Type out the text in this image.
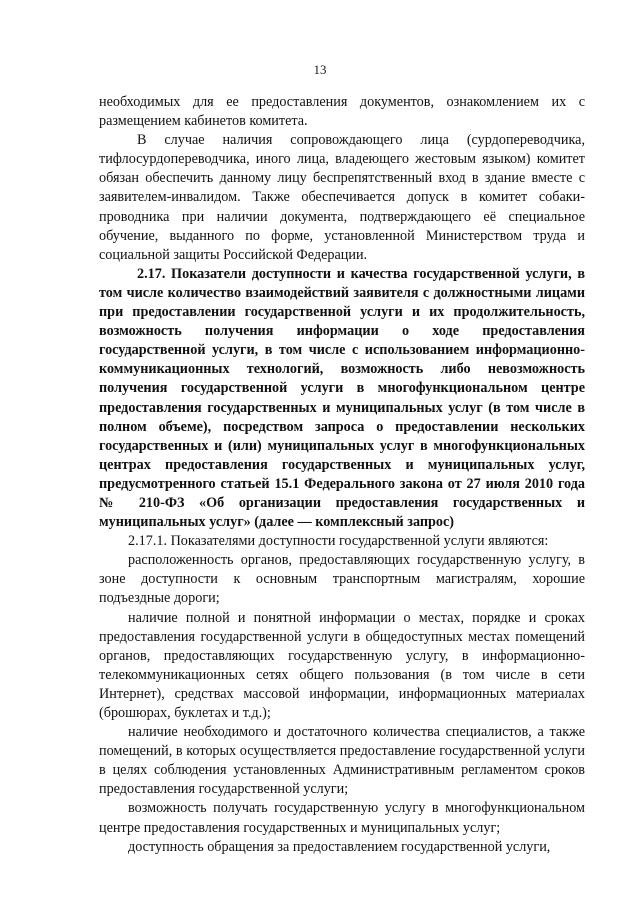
13

необходимых для ее предоставления документов, ознакомлением их с размещением кабинетов комитета.

В случае наличия сопровождающего лица (сурдопереводчика, тифлосурдопереводчика, иного лица, владеющего жестовым языком) комитет обязан обеспечить данному лицу беспрепятственный вход в здание вместе с заявителем-инвалидом. Также обеспечивается допуск в комитет собаки-проводника при наличии документа, подтверждающего её специальное обучение, выданного по форме, установленной Министерством труда и социальной защиты Российской Федерации.

2.17. Показатели доступности и качества государственной услуги, в том числе количество взаимодействий заявителя с должностными лицами при предоставлении государственной услуги и их продолжительность, возможность получения информации о ходе предоставления государственной услуги, в том числе с использованием информационно-коммуникационных технологий, возможность либо невозможность получения государственной услуги в многофункциональном центре предоставления государственных и муниципальных услуг (в том числе в полном объеме), посредством запроса о предоставлении нескольких государственных и (или) муниципальных услуг в многофункциональных центрах предоставления государственных и муниципальных услуг, предусмотренного статьей 15.1 Федерального закона от 27 июля 2010 года № 210-ФЗ «Об организации предоставления государственных и муниципальных услуг» (далее — комплексный запрос)

2.17.1. Показателями доступности государственной услуги являются:

расположенность органов, предоставляющих государственную услугу, в зоне доступности к основным транспортным магистралям, хорошие подъездные дороги;

наличие полной и понятной информации о местах, порядке и сроках предоставления государственной услуги в общедоступных местах помещений органов, предоставляющих государственную услугу, в информационно-телекоммуникационных сетях общего пользования (в том числе в сети Интернет), средствах массовой информации, информационных материалах (брошюрах, буклетах и т.д.);

наличие необходимого и достаточного количества специалистов, а также помещений, в которых осуществляется предоставление государственной услуги в целях соблюдения установленных Административным регламентом сроков предоставления государственной услуги;

возможность получать государственную услугу в многофункциональном центре предоставления государственных и муниципальных услуг;

доступность обращения за предоставлением государственной услуги,
